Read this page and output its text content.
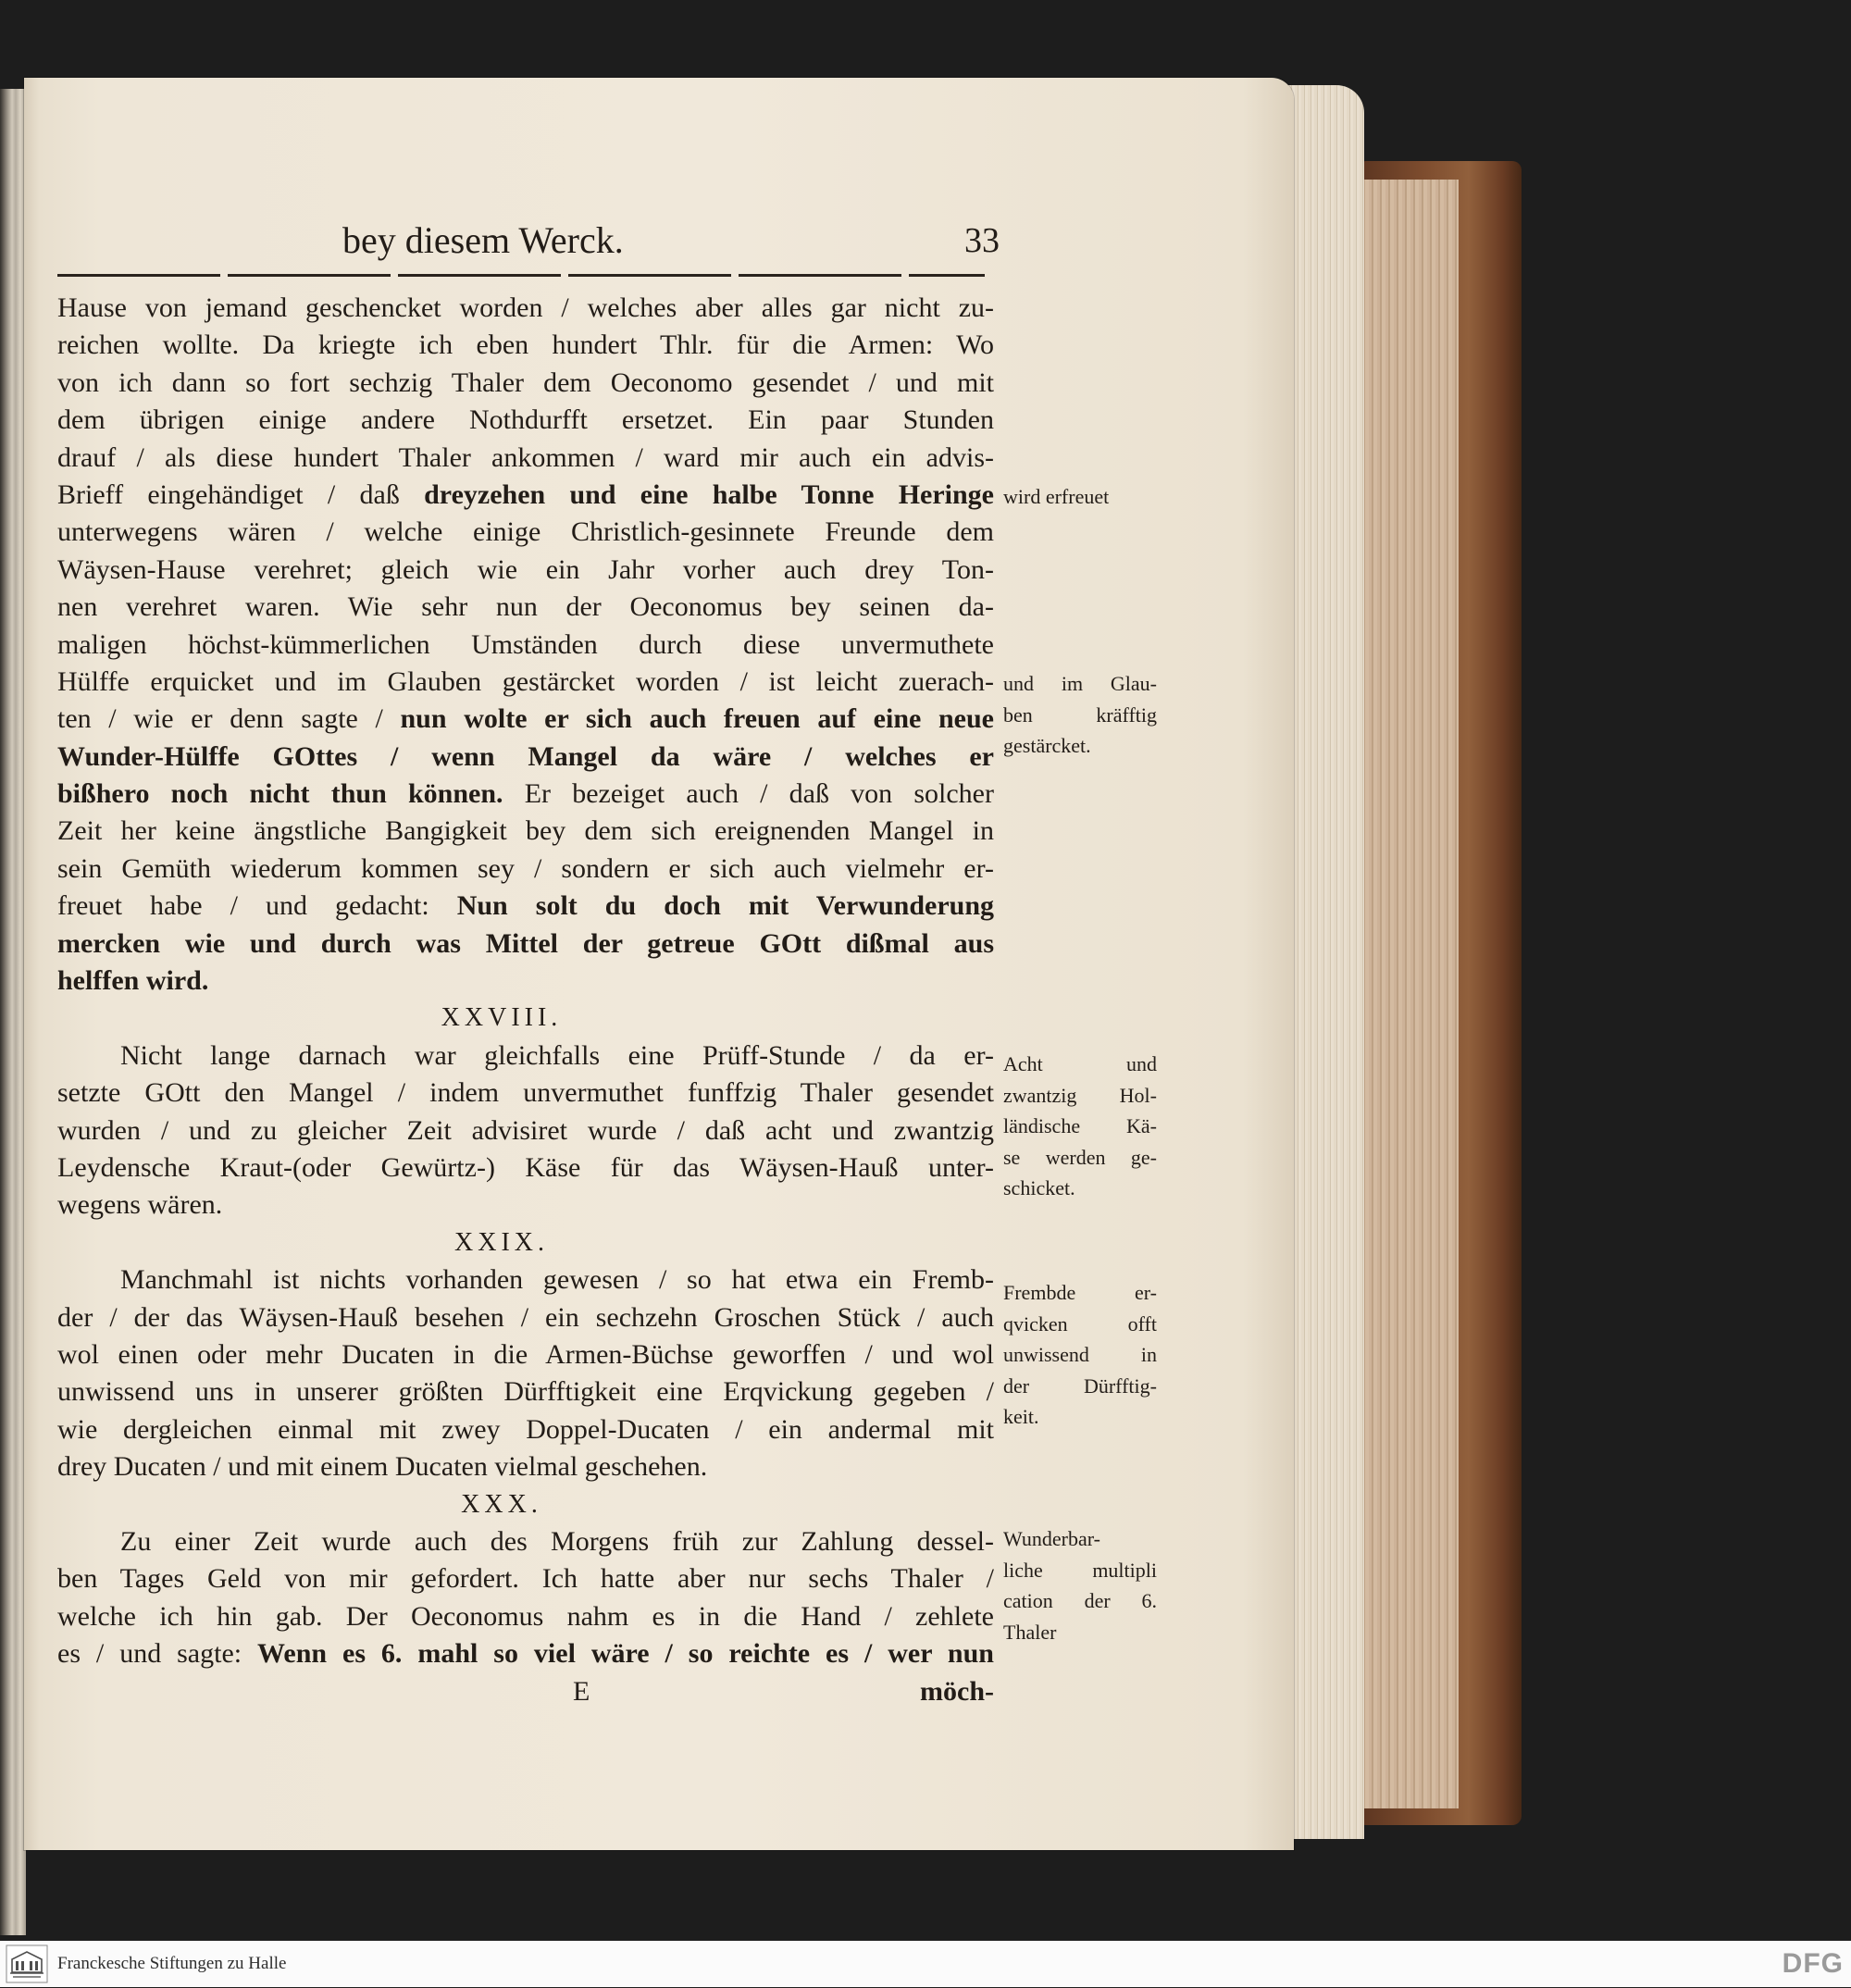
bey diesem Werck.	33
Hause von jemand geschencket worden / welches aber alles gar nicht zu-
reichen wollte. Da kriegte ich eben hundert Thlr. für die Armen: Wo
von ich dann so fort sechzig Thaler dem Oeconomo gesendet / und mit
dem übrigen einige andere Nothdurfft ersetzet. Ein paar Stunden
drauf / als diese hundert Thaler ankommen / ward mir auch ein advis-
Brieff eingehändiget / daß dreyzehen und eine halbe Tonne Heringe
unterwegens wären / welche einige Christlich-gesinnete Freunde dem
Wäysen-Hause verehret; gleich wie ein Jahr vorher auch drey Ton-
nen verehret waren. Wie sehr nun der Oeconomus bey seinen da-
maligen höchst-kümmerlichen Umständen durch diese unvermuthete
Hülffe erquicket und im Glauben gestärcket worden / ist leicht zuerach-
ten / wie er denn sagte / nun wolte er sich auch freuen auf eine neue
Wunder-Hülffe GOttes / wenn Mangel da wäre / welches er
bißhero noch nicht thun können. Er bezeiget auch / daß von solcher
Zeit her keine ängstliche Bangigkeit bey dem sich ereignenden Mangel in
sein Gemüth wiederum kommen sey / sondern er sich auch vielmehr er-
freuet habe / und gedacht: Nun solt du doch mit Verwunderung
mercken wie und durch was Mittel der getreue GOtt dißmal aus
helffen wird.
XXVIII.
Nicht lange darnach war gleichfalls eine Prüff-Stunde / da er-
setzte GOtt den Mangel / indem unvermuthet funffzig Thaler gesendet
wurden / und zu gleicher Zeit advisiret wurde / daß acht und zwantzig
Leydensche Kraut-(oder Gewürtz-) Käse für das Wäysen-Hauß unter-
wegens wären.
XXIX.
Manchmahl ist nichts vorhanden gewesen / so hat etwa ein Fremb-
der / der das Wäysen-Hauß besehen / ein sechzehn Groschen Stück / auch
wol einen oder mehr Ducaten in die Armen-Büchse geworffen / und wol
unwissend uns in unserer größten Dürfftigkeit eine Erqvickung gegeben /
wie dergleichen einmal mit zwey Doppel-Ducaten / ein andermal mit
drey Ducaten / und mit einem Ducaten vielmal geschehen.
XXX.
Zu einer Zeit wurde auch des Morgens früh zur Zahlung dessel-
ben Tages Geld von mir gefordert. Ich hatte aber nur sechs Thaler /
welche ich hin gab. Der Oeconomus nahm es in die Hand / zehlete
es / und sagte: Wenn es 6. mahl so viel wäre / so reichte es / wer nun
E	möch-
wird erfreuet
und im Glau-
ben kräfftig
gestärcket.
Acht und
zwantzig Hol-
ländische Kä-
se werden ge-
schicket.
Frembde er-
qvicken offt
unwissend in
der Dürfftig-
keit.
Wunderbar-
liche multipli
cation der 6.
Thaler
Franckesche Stiftungen zu Halle	DFG
